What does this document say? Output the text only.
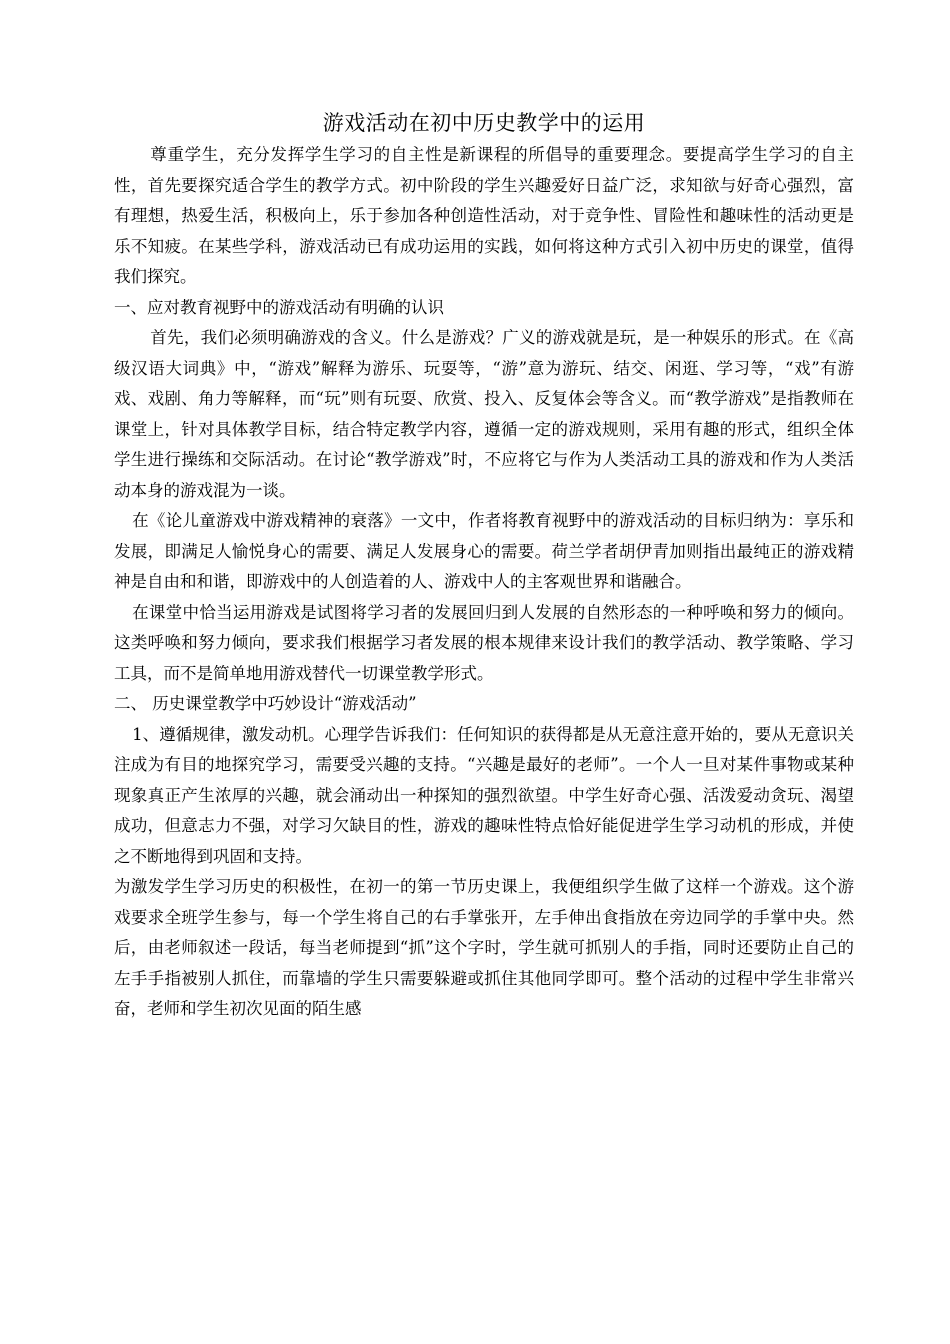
游戏活动在初中历史教学中的运用

尊重学生，充分发挥学生学习的自主性是新课程的所倡导的重要理念。要提高学生学习的自主性，首先要探究适合学生的教学方式。初中阶段的学生兴趣爱好日益广泛，求知欲与好奇心强烈，富有理想，热爱生活，积极向上，乐于参加各种创造性活动，对于竞争性、冒险性和趣味性的活动更是乐不知疲。在某些学科，游戏活动已有成功运用的实践，如何将这种方式引入初中历史的课堂，值得我们探究。

一、应对教育视野中的游戏活动有明确的认识

首先，我们必须明确游戏的含义。什么是游戏？广义的游戏就是玩，是一种娱乐的形式。在《高级汉语大词典》中，“游戏”解释为游乐、玩耍等，“游”意为游玩、结交、闲逛、学习等，“戏”有游戏、戏剧、角力等解释，而“玩”则有玩耍、欣赏、投入、反复体会等含义。而“教学游戏”是指教师在课堂上，针对具体教学目标，结合特定教学内容，遵循一定的游戏规则，采用有趣的形式，组织全体学生进行操练和交际活动。在讨论“教学游戏”时，不应将它与作为人类活动工具的游戏和作为人类活动本身的游戏混为一谈。

在《论儿童游戏中游戏精神的衰落》一文中，作者将教育视野中的游戏活动的目标归纳为：享乐和发展，即满足人愉悦身心的需要、满足人发展身心的需要。荷兰学者胡伊青加则指出最纯正的游戏精神是自由和和谐，即游戏中的人创造着的人、游戏中人的主客观世界和谐融合。

在课堂中恰当运用游戏是试图将学习者的发展回归到人发展的自然形态的一种呼唤和努力的倾向。这类呼唤和努力倾向，要求我们根据学习者发展的根本规律来设计我们的教学活动、教学策略、学习工具，而不是简单地用游戏替代一切课堂教学形式。

二、 历史课堂教学中巧妙设计“游戏活动”

1、遵循规律，激发动机。心理学告诉我们：任何知识的获得都是从无意注意开始的，要从无意识关注成为有目的地探究学习，需要受兴趣的支持。“兴趣是最好的老师”。一个人一旦对某件事物或某种现象真正产生浓厚的兴趣，就会涌动出一种探知的强烈欲望。中学生好奇心强、活泼爱动贪玩、渴望成功，但意志力不强，对学习欠缺目的性，游戏的趣味性特点恰好能促进学生学习动机的形成，并使之不断地得到巩固和支持。

为激发学生学习历史的积极性，在初一的第一节历史课上，我便组织学生做了这样一个游戏。这个游戏要求全班学生参与，每一个学生将自己的右手掌张开，左手伸出食指放在旁边同学的手掌中央。然后，由老师叙述一段话，每当老师提到“抓”这个字时，学生就可抓别人的手指，同时还要防止自己的左手手指被别人抓住，而靠墙的学生只需要躲避或抓住其他同学即可。整个活动的过程中学生非常兴奋，老师和学生初次见面的陌生感
